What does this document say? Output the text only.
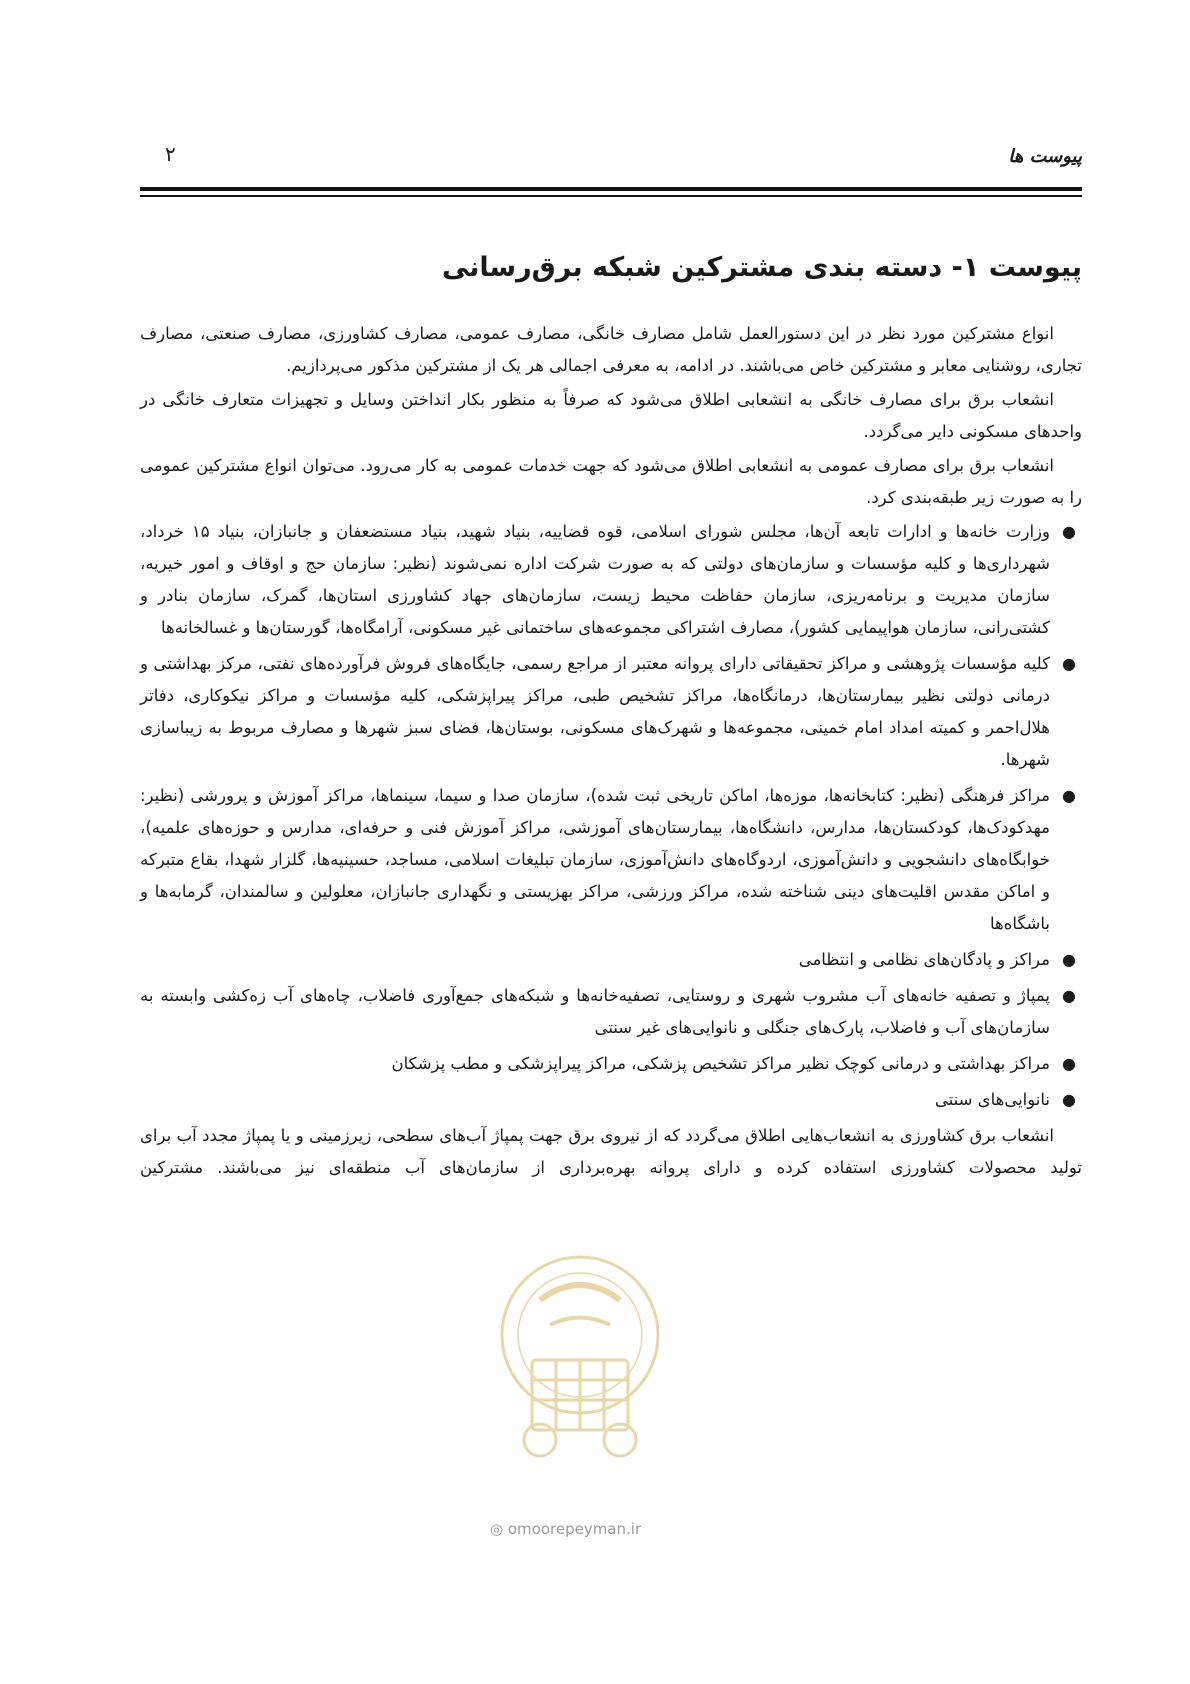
پیوست ها
۲
پیوست ۱- دسته بندی مشترکین شبکه برق‌رسانی

انواع مشترکین مورد نظر در این دستورالعمل شامل مصارف خانگی، مصارف عمومی، مصارف کشاورزی، مصارف صنعتی، مصارف تجاری، روشنایی معابر و مشترکین خاص می‌باشند. در ادامه، به معرفی اجمالی هر یک از مشترکین مذکور می‌پردازیم.

انشعاب برق برای مصارف خانگی به انشعابی اطلاق می‌شود که صرفاً به منظور بکار انداختن وسایل و تجهیزات متعارف خانگی در واحدهای مسکونی دایر می‌گردد.

انشعاب برق برای مصارف عمومی به انشعابی اطلاق می‌شود که جهت خدمات عمومی به کار می‌رود. می‌توان انواع مشترکین عمومی را به صورت زیر طبقه‌بندی کرد.

●
وزارت خانه‌ها و ادارات تابعه آن‌ها، مجلس شورای اسلامی، قوه قضاییه، بنیاد شهید، بنیاد مستضعفان و جانبازان، بنیاد ۱۵ خرداد، شهرداری‌ها و کلیه مؤسسات و سازمان‌های دولتی که به صورت شرکت اداره نمی‌شوند (نظیر: سازمان حج و اوقاف و امور خیریه، سازمان مدیریت و برنامه‌ریزی، سازمان حفاظت محیط زیست، سازمان‌های جهاد کشاورزی استان‌ها، گمرک، سازمان بنادر و کشتی‌رانی، سازمان هواپیمایی کشور)، مصارف اشتراکی مجموعه‌های ساختمانی غیر مسکونی، آرامگاه‌ها، گورستان‌ها و غسالخانه‌ها
●
کلیه مؤسسات پژوهشی و مراکز تحقیقاتی دارای پروانه معتبر از مراجع رسمی، جایگاه‌های فروش فرآورده‌های نفتی، مرکز بهداشتی و درمانی دولتی نظیر بیمارستان‌ها، درمانگاه‌ها، مراکز تشخیص طبی، مراکز پیراپزشکی، کلیه مؤسسات و مراکز نیکوکاری، دفاتر هلال‌احمر و کمیته امداد امام خمینی، مجموعه‌ها و شهرک‌های مسکونی، بوستان‌ها، فضای سبز شهرها و مصارف مربوط به زیباسازی شهرها.
●
مراکز فرهنگی (نظیر: کتابخانه‌ها، موزه‌ها، اماکن تاریخی ثبت شده)، سازمان صدا و سیما، سینماها، مراکز آموزش و پرورشی (نظیر: مهدکودک‌ها، کودکستان‌ها، مدارس، دانشگاه‌ها، بیمارستان‌های آموزشی، مراکز آموزش فنی و حرفه‌ای، مدارس و حوزه‌های علمیه)، خوابگاه‌های دانشجویی و دانش‌آموزی، اردوگاه‌های دانش‌آموزی، سازمان تبلیغات اسلامی، مساجد، حسینیه‌ها، گلزار شهدا، بقاع متبرکه و اماکن مقدس اقلیت‌های دینی شناخته شده، مراکز ورزشی، مراکز بهزیستی و نگهداری جانبازان، معلولین و سالمندان، گرمابه‌ها و باشگاه‌ها
●
مراکز و پادگان‌های نظامی و انتظامی
●
پمپاژ و تصفیه خانه‌های آب مشروب شهری و روستایی، تصفیه‌خانه‌ها و شبکه‌های جمع‌آوری فاضلاب، چاه‌های آب زه‌کشی وابسته به سازمان‌های آب و فاضلاب، پارک‌های جنگلی و نانوایی‌های غیر سنتی
●
مراکز بهداشتی و درمانی کوچک نظیر مراکز تشخیص پزشکی، مراکز پیراپزشکی و مطب پزشکان
●
نانوایی‌های سنتی

انشعاب برق کشاورزی به انشعاب‌هایی اطلاق می‌گردد که از نیروی برق جهت پمپاژ آب‌های سطحی، زیرزمینی و یا پمپاژ مجدد آب برای تولید محصولات کشاورزی استفاده کرده و دارای پروانه بهره‌برداری از سازمان‌های آب منطقه‌ای نیز می‌باشند. مشترکین

◎ omoorepeyman.ir
